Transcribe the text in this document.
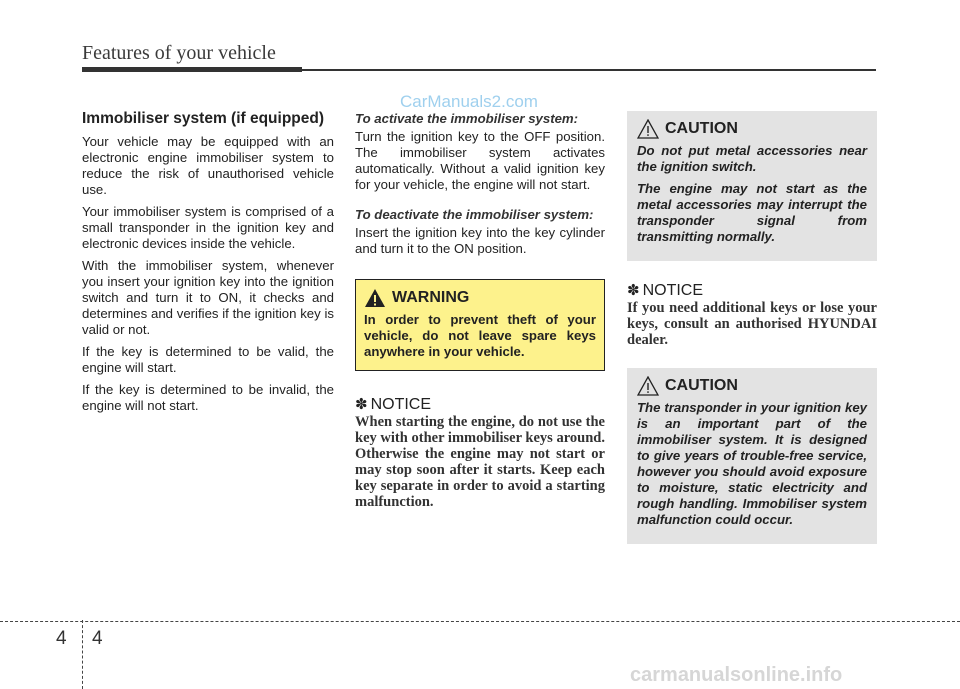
Features of your vehicle
CarManuals2.com
Immobiliser system (if equipped)

Your vehicle may be equipped with an electronic engine immobiliser system to reduce the risk of unauthorised vehicle use.

Your immobiliser system is comprised of a small transponder in the ignition key and electronic devices inside the vehicle.

With the immobiliser system, whenever you insert your ignition key into the ignition switch and turn it to ON, it checks and determines and verifies if the ignition key is valid or not.

If the key is determined to be valid, the engine will start.

If the key is determined to be invalid, the engine will not start.

To activate the immobiliser system:

Turn the ignition key to the OFF position. The immobiliser system activates automatically. Without a valid ignition key for your vehicle, the engine will not start.

To deactivate the immobiliser system:

Insert the ignition key into the key cylinder and turn it to the ON position.

WARNING
In order to prevent theft of your vehicle, do not leave spare keys anywhere in your vehicle.
✽ NOTICE
When starting the engine, do not use the key with other immobiliser keys around. Otherwise the engine may not start or may stop soon after it starts. Keep each key separate in order to avoid a starting malfunction.
CAUTION

Do not put metal accessories near the ignition switch.

The engine may not start as the metal accessories may interrupt the transponder signal from transmitting normally.

✽ NOTICE
If you need additional keys or lose your keys, consult an authorised HYUNDAI dealer.
CAUTION

The transponder in your ignition key is an important part of the immobiliser system. It is designed to give years of trouble-free service, however you should avoid exposure to moisture, static electricity and rough handling. Immobiliser system malfunction could occur.

4 4
carmanualsonline.info
